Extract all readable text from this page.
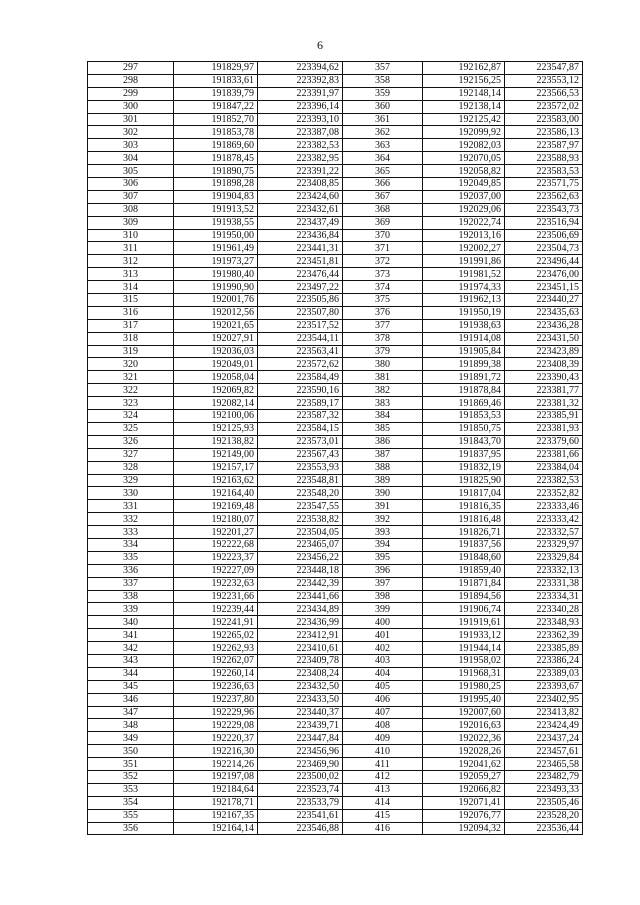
6
297	191829,97	223394,62	357	192162,87	223547,87
298	191833,61	223392,83	358	192156,25	223553,12
299	191839,79	223391,97	359	192148,14	223566,53
300	191847,22	223396,14	360	192138,14	223572,02
301	191852,70	223393,10	361	192125,42	223583,00
302	191853,78	223387,08	362	192099,92	223586,13
303	191869,60	223382,53	363	192082,03	223587,97
304	191878,45	223382,95	364	192070,05	223588,93
305	191890,75	223391,22	365	192058,82	223583,53
306	191898,28	223408,85	366	192049,85	223571,75
307	191904,83	223424,60	367	192037,00	223562,63
308	191913,52	223432,61	368	192029,06	223543,73
309	191938,55	223437,49	369	192022,74	223516,94
310	191950,00	223436,84	370	192013,16	223506,69
311	191961,49	223441,31	371	192002,27	223504,73
312	191973,27	223451,81	372	191991,86	223496,44
313	191980,40	223476,44	373	191981,52	223476,00
314	191990,90	223497,22	374	191974,33	223451,15
315	192001,76	223505,86	375	191962,13	223440,27
316	192012,56	223507,80	376	191950,19	223435,63
317	192021,65	223517,52	377	191938,63	223436,28
318	192027,91	223544,11	378	191914,08	223431,50
319	192036,03	223563,41	379	191905,84	223423,89
320	192049,01	223572,62	380	191899,38	223408,39
321	192058,04	223584,49	381	191891,72	223390,43
322	192069,82	223590,16	382	191878,84	223381,77
323	192082,14	223589,17	383	191869,46	223381,32
324	192100,06	223587,32	384	191853,53	223385,91
325	192125,93	223584,15	385	191850,75	223381,93
326	192138,82	223573,01	386	191843,70	223379,60
327	192149,00	223567,43	387	191837,95	223381,66
328	192157,17	223553,93	388	191832,19	223384,04
329	192163,62	223548,81	389	191825,90	223382,53
330	192164,40	223548,20	390	191817,04	223352,82
331	192169,48	223547,55	391	191816,35	223333,46
332	192180,07	223538,82	392	191816,48	223333,42
333	192201,27	223504,05	393	191826,71	223332,57
334	192222,68	223465,07	394	191837,56	223329,97
335	192223,37	223456,22	395	191848,60	223329,84
336	192227,09	223448,18	396	191859,40	223332,13
337	192232,63	223442,39	397	191871,84	223331,38
338	192231,66	223441,66	398	191894,56	223334,31
339	192239,44	223434,89	399	191906,74	223340,28
340	192241,91	223436,99	400	191919,61	223348,93
341	192265,02	223412,91	401	191933,12	223362,39
342	192262,93	223410,61	402	191944,14	223385,89
343	192262,07	223409,78	403	191958,02	223386,24
344	192260,14	223408,24	404	191968,31	223389,03
345	192236,63	223432,50	405	191980,25	223393,67
346	192237,80	223433,50	406	191995,40	223402,95
347	192229,96	223440,37	407	192007,60	223413,82
348	192229,08	223439,71	408	192016,63	223424,49
349	192220,37	223447,84	409	192022,36	223437,24
350	192216,30	223456,96	410	192028,26	223457,61
351	192214,26	223469,90	411	192041,62	223465,58
352	192197,08	223500,02	412	192059,27	223482,79
353	192184,64	223523,74	413	192066,82	223493,33
354	192178,71	223533,79	414	192071,41	223505,46
355	192167,35	223541,61	415	192076,77	223528,20
356	192164,14	223546,88	416	192094,32	223536,44
